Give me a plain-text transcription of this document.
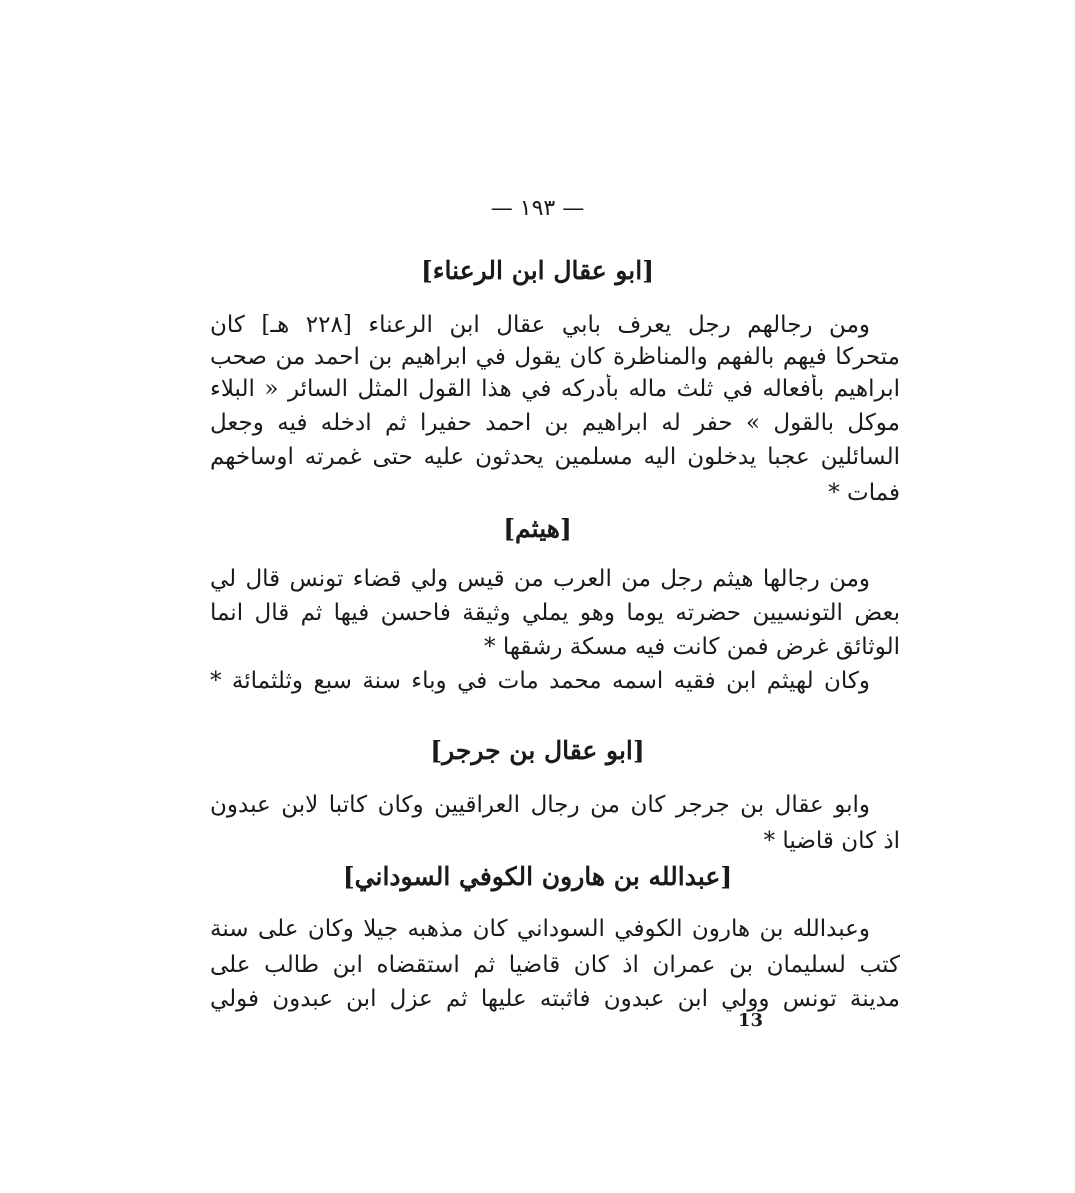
— ١٩٣ —
[ابو عقال ابن الرعناء]
ومن رجالهم رجل يعرف بابي عقال ابن الرعناء [٢٢٨ هـ] كان
متحركا فيهم بالفهم والمناظرة كان يقول في ابراهيم بن احمد من صحب
ابراهيم بأفعاله في ثلث ماله بأدركه في هذا القول المثل السائر « البلاء
موكل بالقول » حفر له ابراهيم بن احمد حفيرا ثم ادخله فيه وجعل
السائلين عجبا يدخلون اليه مسلمين يحدثون عليه حتى غمرته اوساخهم
فمات *
[هيثم]
ومن رجالها هيثم رجل من العرب من قيس ولي قضاء تونس قال لي
بعض التونسيين حضرته يوما وهو يملي وثيقة فاحسن فيها ثم قال انما
الوثائق غرض فمن كانت فيه مسكة رشقها *
وكان لهيثم ابن فقيه اسمه محمد مات في وباء سنة سبع وثلثمائة *
[ابو عقال بن جرجر]
وابو عقال بن جرجر كان من رجال العراقيين وكان كاتبا لابن عبدون
اذ كان قاضيا *
[عبدالله بن هارون الكوفي السوداني]
وعبدالله بن هارون الكوفي السوداني كان مذهبه جيلا وكان على سنة
كتب لسليمان بن عمران اذ كان قاضيا ثم استقضاه ابن طالب على
مدينة تونس وولي ابن عبدون فاثبته عليها ثم عزل ابن عبدون فولي
13
